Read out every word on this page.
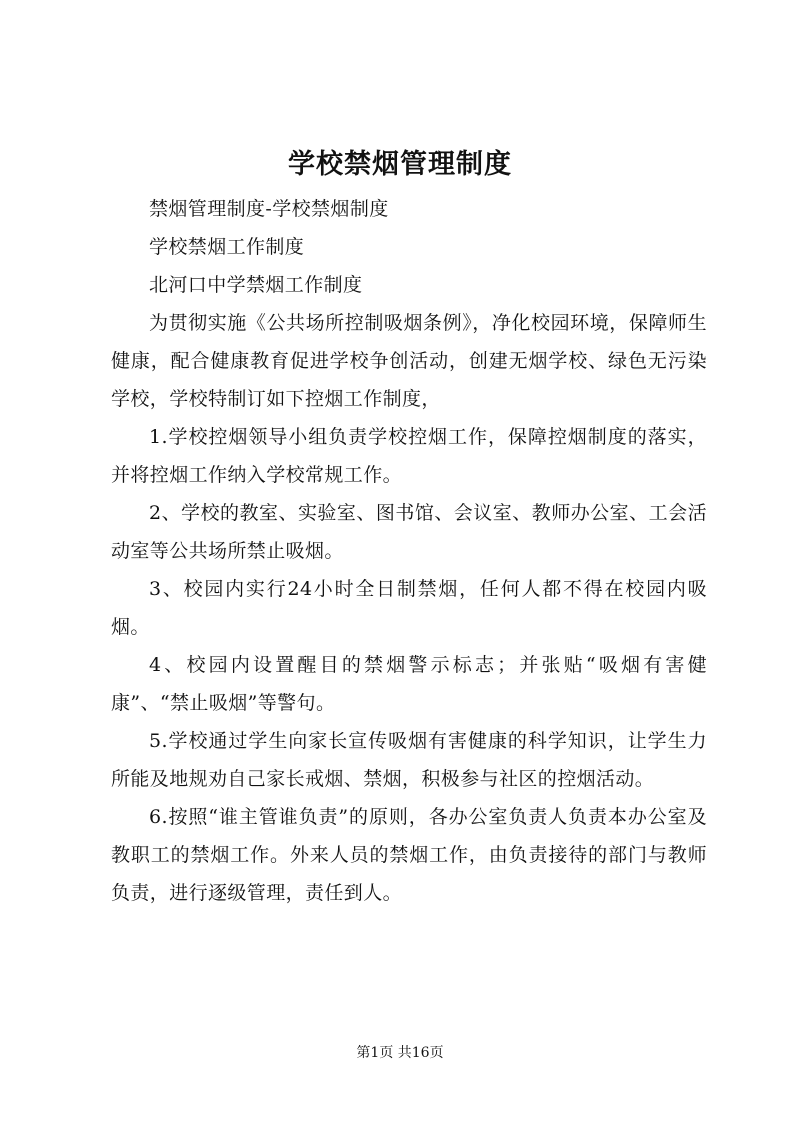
学校禁烟管理制度

禁烟管理制度-学校禁烟制度

学校禁烟工作制度

北河口中学禁烟工作制度

为贯彻实施《公共场所控制吸烟条例》，净化校园环境，保障师生健康，配合健康教育促进学校争创活动，创建无烟学校、绿色无污染学校，学校特制订如下控烟工作制度，

1.学校控烟领导小组负责学校控烟工作，保障控烟制度的落实，并将控烟工作纳入学校常规工作。

2、学校的教室、实验室、图书馆、会议室、教师办公室、工会活动室等公共场所禁止吸烟。

3、校园内实行24小时全日制禁烟，任何人都不得在校园内吸烟。

4、校园内设置醒目的禁烟警示标志；并张贴“吸烟有害健康”、“禁止吸烟”等警句。

5.学校通过学生向家长宣传吸烟有害健康的科学知识，让学生力所能及地规劝自己家长戒烟、禁烟，积极参与社区的控烟活动。

6.按照“谁主管谁负责”的原则，各办公室负责人负责本办公室及教职工的禁烟工作。外来人员的禁烟工作，由负责接待的部门与教师负责，进行逐级管理，责任到人。

第1页 共16页
